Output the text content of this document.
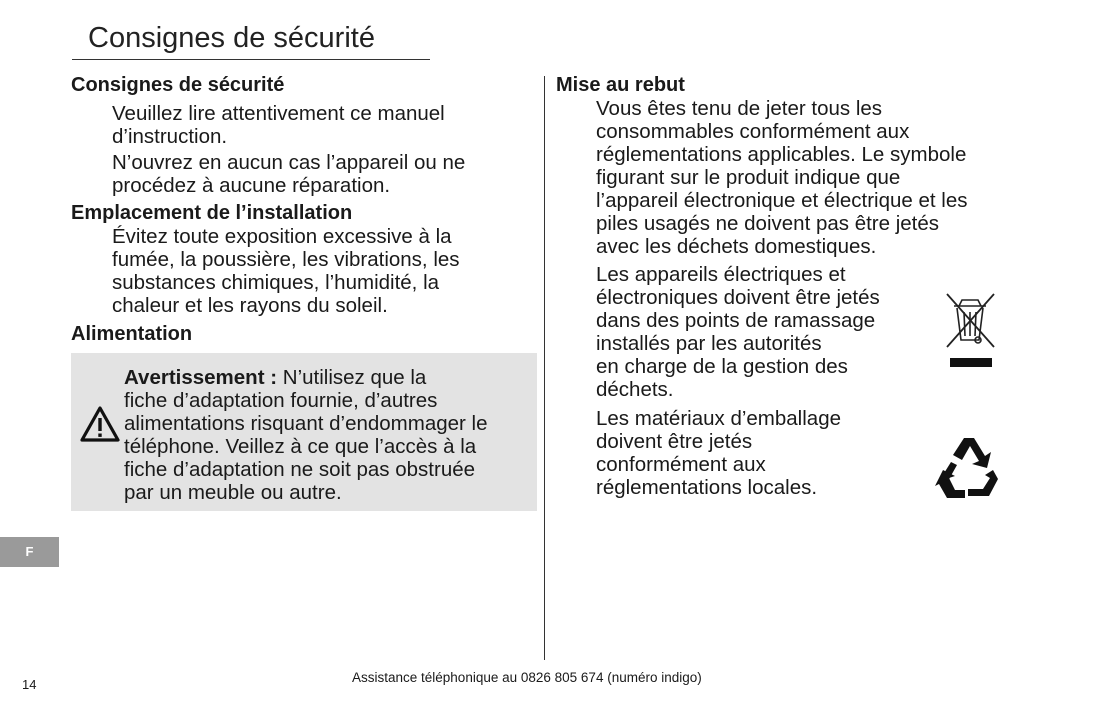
Consignes de sécurité
Consignes de sécurité
Veuillez lire attentivement ce manuel
d’instruction.
N’ouvrez en aucun cas l’appareil ou ne
procédez à aucune réparation.
Emplacement de l’installation
Évitez toute exposition excessive à la
fumée, la poussière, les vibrations, les
substances chimiques, l’humidité, la
chaleur et les rayons du soleil.
Alimentation
Avertissement : N’utilisez que la
fiche d’adaptation fournie, d’autres
alimentations risquant d’endommager le
téléphone. Veillez à ce que l’accès à la
fiche d’adaptation ne soit pas obstruée
par un meuble ou autre.
Mise au rebut
Vous êtes tenu de jeter tous les
consommables conformément aux
réglementations applicables. Le symbole
figurant sur le produit indique que
l’appareil électronique et électrique et les
piles usagés ne doivent pas être jetés
avec les déchets domestiques.
Les appareils électriques et
électroniques doivent être jetés
dans des points de ramassage
installés par les autorités
en charge de la gestion des
déchets.
Les matériaux d’emballage
doivent être jetés
conformément aux
réglementations locales.
F
14	Assistance téléphonique au 0826 805 674 (numéro indigo)
